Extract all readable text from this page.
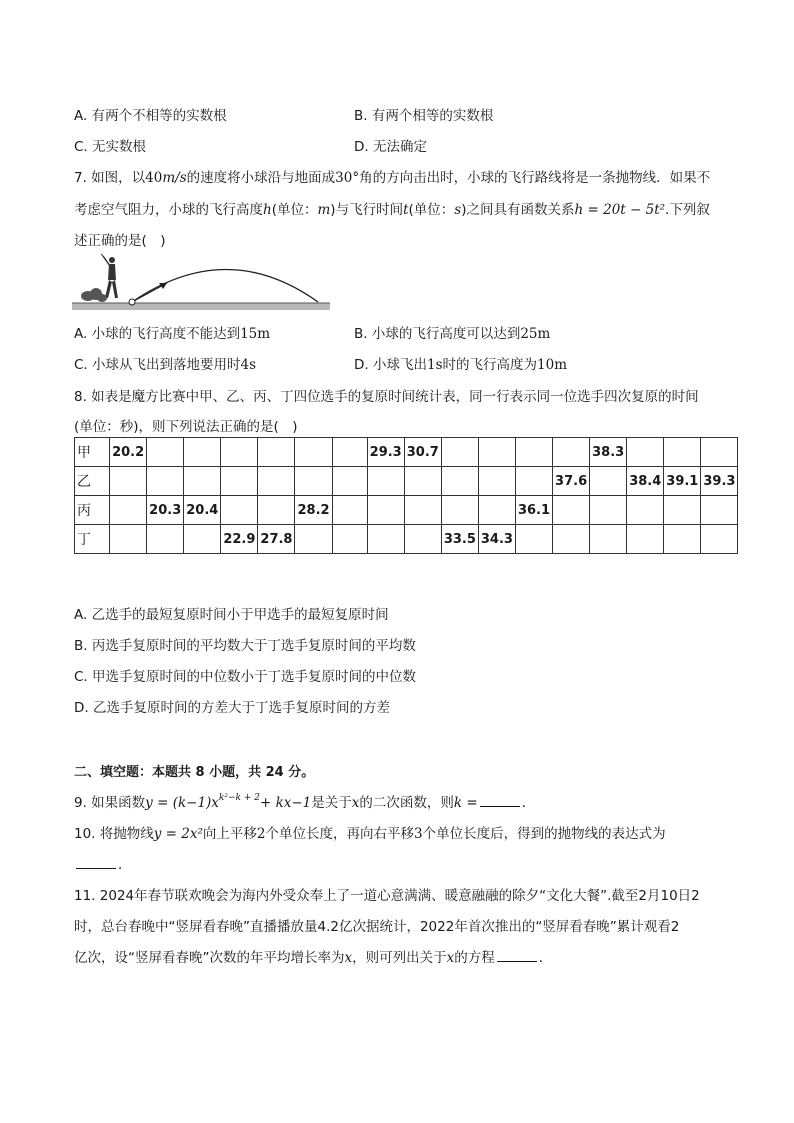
A. 有两个不相等的实数根	B. 有两个相等的实数根
C. 无实数根	D. 无法确定
7. 如图，以40m/s的速度将小球沿与地面成30°角的方向击出时，小球的飞行路线将是一条抛物线．如果不
考虑空气阻力，小球的飞行高度h(单位：m)与飞行时间t(单位：s)之间具有函数关系h = 20t − 5t².下列叙
述正确的是(　)
A. 小球的飞行高度不能达到15m	B. 小球的飞行高度可以达到25m
C. 小球从飞出到落地要用时4s	D. 小球飞出1s时的飞行高度为10m
8. 如表是魔方比赛中甲、乙、丙、丁四位选手的复原时间统计表，同一行表示同一位选手四次复原的时间
(单位：秒)，则下列说法正确的是(　)
甲	20.2							29.3	30.7					38.3			
乙													37.6		38.4	39.1	39.3
丙		20.3	20.4			28.2						36.1					
丁				22.9	27.8					33.5	34.3						
A. 乙选手的最短复原时间小于甲选手的最短复原时间
B. 丙选手复原时间的平均数大于丁选手复原时间的平均数
C. 甲选手复原时间的中位数小于丁选手复原时间的中位数
D. 乙选手复原时间的方差大于丁选手复原时间的方差
二、填空题：本题共 8 小题，共 24 分。
9. 如果函数$y = (k-1)x^{k^2-k + 2}+ kx-1$是关于x的二次函数，则k =	．
10. 将抛物线y = 2x²向上平移2个单位长度，再向右平移3个单位长度后，得到的抛物线的表达式为
．
11. 2024年春节联欢晚会为海内外受众奉上了一道心意满满、暖意融融的除夕“文化大餐”.截至2月10日2
时，总台春晚中“竖屏看春晚”直播播放量4.2亿次据统计，2022年首次推出的“竖屏看春晚”累计观看2
亿次，设“竖屏看春晚”次数的年平均增长率为x，则可列出关于x的方程	．
